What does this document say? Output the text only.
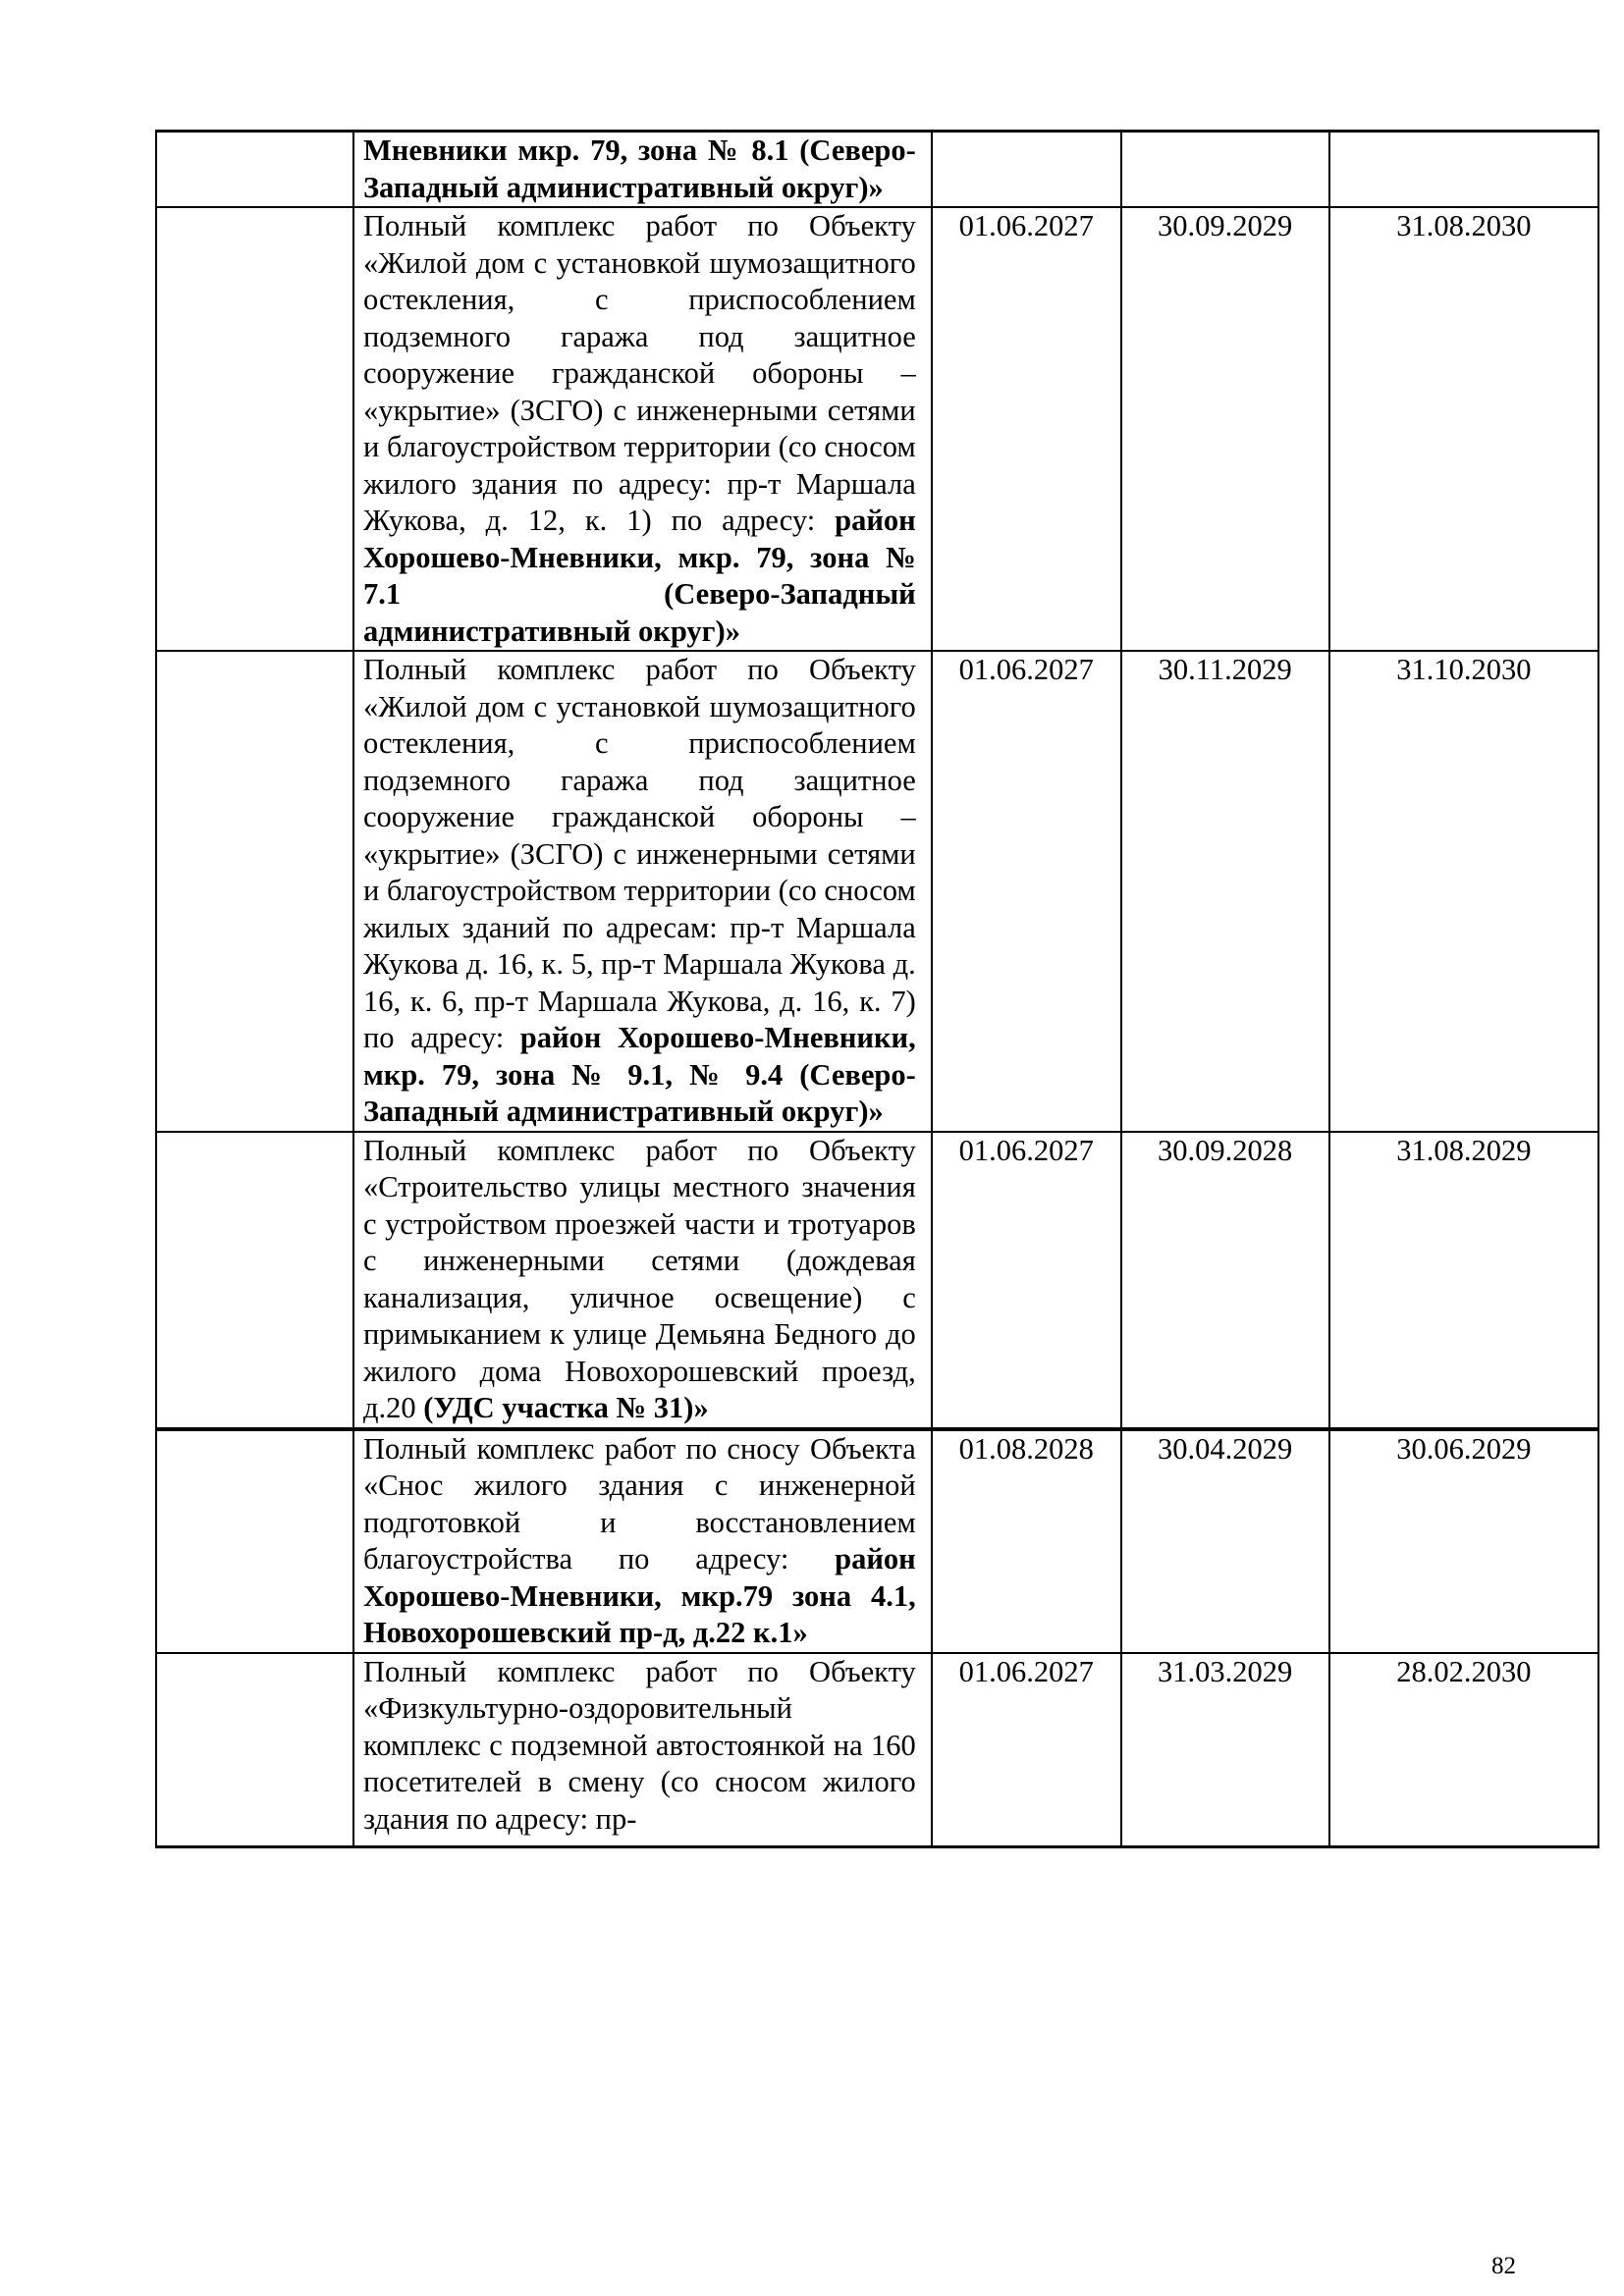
	Мневники мкр. 79, зона № 8.1 (Северо-Западный административный округ)»			
	Полный комплекс работ по Объекту «Жилой дом с установкой шумозащитного остекления, с приспособлением подземного гаража под защитное сооружение гражданской обороны – «укрытие» (ЗСГО) с инженерными сетями и благоустройством территории (со сносом жилого здания по адресу: пр-т Маршала Жукова, д. 12, к. 1) по адресу: район Хорошево-Мневники, мкр. 79, зона № 7.1 (Северо-Западный административный округ)»	01.06.2027	30.09.2029	31.08.2030
	Полный комплекс работ по Объекту «Жилой дом с установкой шумозащитного остекления, с приспособлением подземного гаража под защитное сооружение гражданской обороны – «укрытие» (ЗСГО) с инженерными сетями и благоустройством территории (со сносом жилых зданий по адресам: пр-т Маршала Жукова д. 16, к. 5, пр-т Маршала Жукова д. 16, к. 6, пр-т Маршала Жукова, д. 16, к. 7) по адресу: район Хорошево-Мневники, мкр. 79, зона № 9.1, № 9.4 (Северо-Западный административный округ)»	01.06.2027	30.11.2029	31.10.2030
	Полный комплекс работ по Объекту «Строительство улицы местного значения с устройством проезжей части и тротуаров с инженерными сетями (дождевая канализация, уличное освещение) с примыканием к улице Демьяна Бедного до жилого дома Новохорошевский проезд, д.20 (УДС участка № 31)»	01.06.2027	30.09.2028	31.08.2029
	Полный комплекс работ по сносу Объекта «Снос жилого здания с инженерной подготовкой и восстановлением благоустройства по адресу: район Хорошево-Мневники, мкр.79 зона 4.1, Новохорошевский пр-д, д.22 к.1»	01.08.2028	30.04.2029	30.06.2029
	Полный комплекс работ по Объекту «Физкультурно-оздоровительный комплекс с подземной автостоянкой на 160 посетителей в смену (со сносом жилого здания по адресу: пр-	01.06.2027	31.03.2029	28.02.2030
82
